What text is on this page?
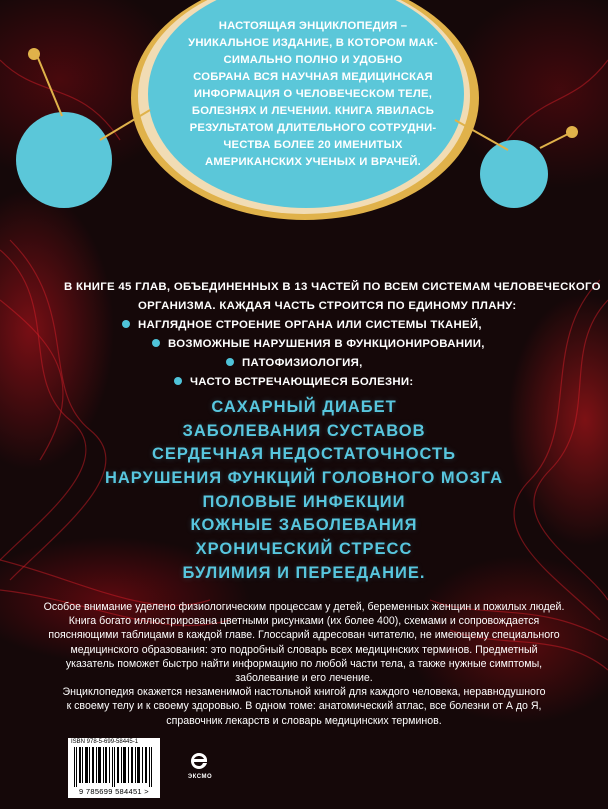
НАСТОЯЩАЯ ЭНЦИКЛОПЕДИЯ –
УНИКАЛЬНОЕ ИЗДАНИЕ, В КОТОРОМ МАК-
СИМАЛЬНО ПОЛНО И УДОБНО
СОБРАНА ВСЯ НАУЧНАЯ МЕДИЦИНСКАЯ
ИНФОРМАЦИЯ О ЧЕЛОВЕЧЕСКОМ ТЕЛЕ,
БОЛЕЗНЯХ И ЛЕЧЕНИИ. КНИГА ЯВИЛАСЬ
РЕЗУЛЬТАТОМ ДЛИТЕЛЬНОГО СОТРУДНИ-
ЧЕСТВА БОЛЕЕ 20 ИМЕНИТЫХ
АМЕРИКАНСКИХ УЧЕНЫХ И ВРАЧЕЙ.
В КНИГЕ 45 ГЛАВ, ОБЪЕДИНЕННЫХ В 13 ЧАСТЕЙ ПО ВСЕМ СИСТЕМАМ ЧЕЛОВЕЧЕСКОГО
ОРГАНИЗМА. КАЖДАЯ ЧАСТЬ СТРОИТСЯ ПО ЕДИНОМУ ПЛАНУ:
НАГЛЯДНОЕ СТРОЕНИЕ ОРГАНА ИЛИ СИСТЕМЫ ТКАНЕЙ,
ВОЗМОЖНЫЕ НАРУШЕНИЯ В ФУНКЦИОНИРОВАНИИ,
ПАТОФИЗИОЛОГИЯ,
ЧАСТО ВСТРЕЧАЮЩИЕСЯ БОЛЕЗНИ:
САХАРНЫЙ ДИАБЕТ
ЗАБОЛЕВАНИЯ СУСТАВОВ
СЕРДЕЧНАЯ НЕДОСТАТОЧНОСТЬ
НАРУШЕНИЯ ФУНКЦИЙ ГОЛОВНОГО МОЗГА
ПОЛОВЫЕ ИНФЕКЦИИ
КОЖНЫЕ ЗАБОЛЕВАНИЯ
ХРОНИЧЕСКИЙ СТРЕСС
БУЛИМИЯ И ПЕРЕЕДАНИЕ.

Особое внимание уделено физиологическим процессам у детей, беременных женщин и пожилых людей.

Книга богато иллюстрирована цветными рисунками (их более 400), схемами и сопровождается

поясняющими таблицами в каждой главе. Глоссарий адресован читателю, не имеющему специального

медицинского образования: это подробный словарь всех медицинских терминов. Предметный

указатель поможет быстро найти информацию по любой части тела, а также нужные симптомы,

заболевание и его лечение.

Энциклопедия окажется незаменимой настольной книгой для каждого человека, неравнодушного

к своему телу и к своему здоровью. В одном томе: анатомический атлас, все болезни от А до Я,

справочник лекарств и словарь медицинских терминов.

ISBN 978-5-699-58445-1
9 785699 584451 >
ЭКСМО
